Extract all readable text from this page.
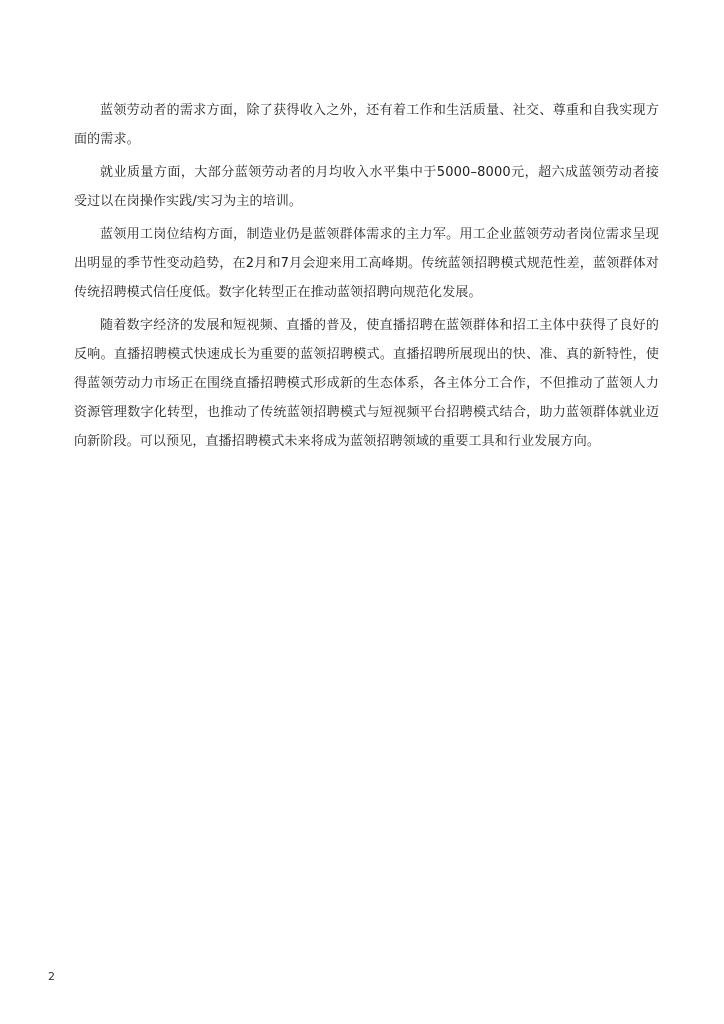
蓝领劳动者的需求方面，除了获得收入之外，还有着工作和生活质量、社交、尊重和自我实现方面的需求。

就业质量方面，大部分蓝领劳动者的月均收入水平集中于5000–8000元，超六成蓝领劳动者接受过以在岗操作实践/实习为主的培训。

蓝领用工岗位结构方面，制造业仍是蓝领群体需求的主力军。用工企业蓝领劳动者岗位需求呈现出明显的季节性变动趋势，在2月和7月会迎来用工高峰期。传统蓝领招聘模式规范性差，蓝领群体对传统招聘模式信任度低。数字化转型正在推动蓝领招聘向规范化发展。

随着数字经济的发展和短视频、直播的普及，使直播招聘在蓝领群体和招工主体中获得了良好的反响。直播招聘模式快速成长为重要的蓝领招聘模式。直播招聘所展现出的快、准、真的新特性，使得蓝领劳动力市场正在围绕直播招聘模式形成新的生态体系，各主体分工合作，不但推动了蓝领人力资源管理数字化转型，也推动了传统蓝领招聘模式与短视频平台招聘模式结合，助力蓝领群体就业迈向新阶段。可以预见，直播招聘模式未来将成为蓝领招聘领域的重要工具和行业发展方向。

2
